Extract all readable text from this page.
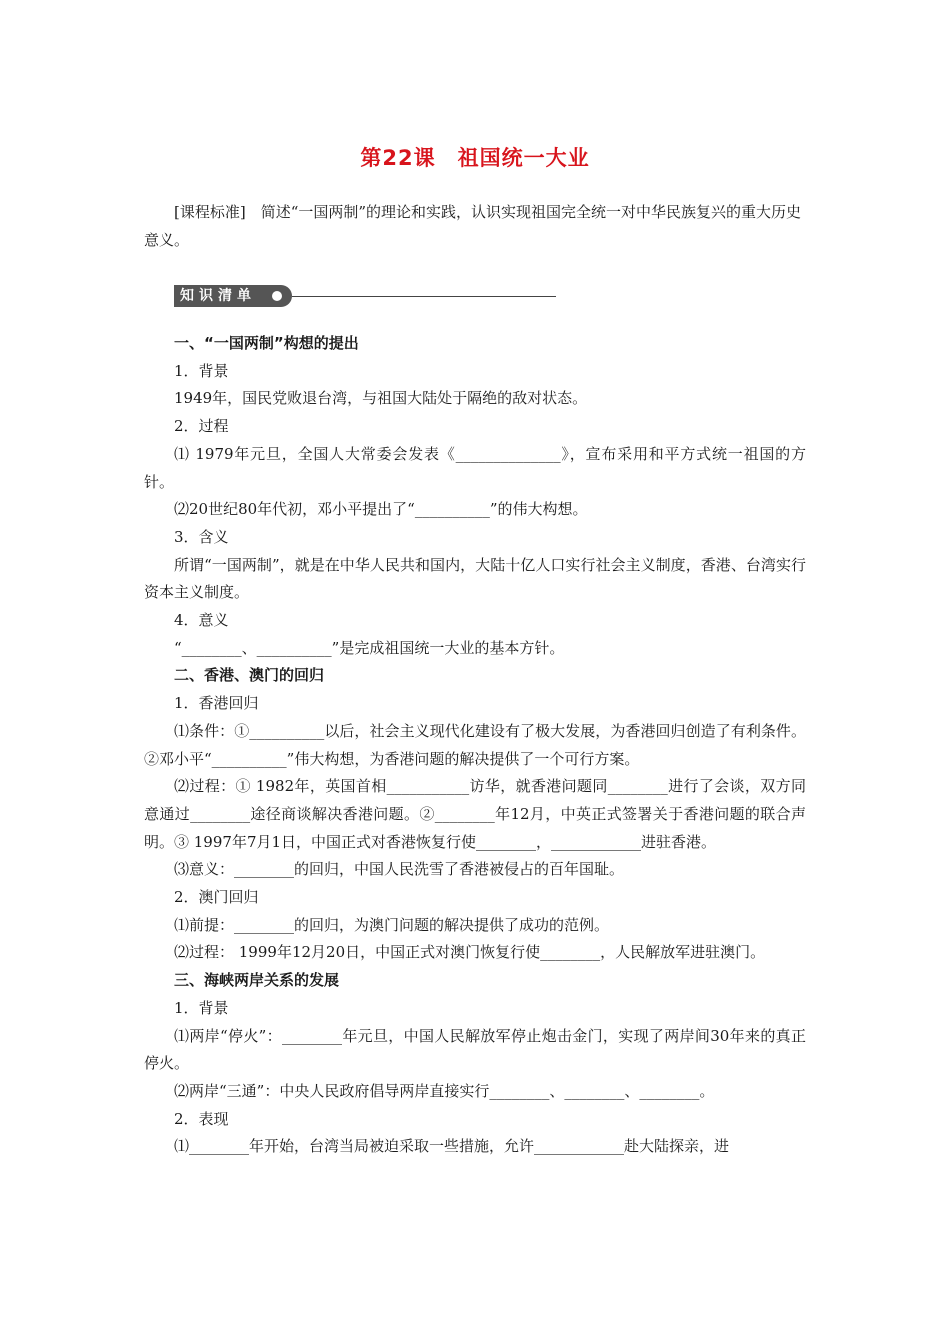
第22课　祖国统一大业

[课程标准]　简述“一国两制”的理论和实践，认识实现祖国完全统一对中华民族复兴的重大历史意义。

知识清单

一、“一国两制”构想的提出

1．背景

1949年，国民党败退台湾，与祖国大陆处于隔绝的敌对状态。

2．过程

⑴ 1979年元旦，全国人大常委会发表《______________》，宣布采用和平方式统一祖国的方针。

⑵20世纪80年代初，邓小平提出了“__________”的伟大构想。

3．含义

所谓“一国两制”，就是在中华人民共和国内，大陆十亿人口实行社会主义制度，香港、台湾实行资本主义制度。

4．意义

“________、__________”是完成祖国统一大业的基本方针。

二、香港、澳门的回归

1．香港回归

⑴条件：①__________以后，社会主义现代化建设有了极大发展，为香港回归创造了有利条件。②邓小平“__________”伟大构想，为香港问题的解决提供了一个可行方案。

⑵过程：① 1982年，英国首相___________访华，就香港问题同________进行了会谈，双方同意通过________途径商谈解决香港问题。②________年12月，中英正式签署关于香港问题的联合声明。③ 1997年7月1日，中国正式对香港恢复行使________，____________进驻香港。

⑶意义：________的回归，中国人民洗雪了香港被侵占的百年国耻。

2．澳门回归

⑴前提：________的回归，为澳门问题的解决提供了成功的范例。

⑵过程： 1999年12月20日，中国正式对澳门恢复行使________，人民解放军进驻澳门。

三、海峡两岸关系的发展

1．背景

⑴两岸“停火”：________年元旦，中国人民解放军停止炮击金门，实现了两岸间30年来的真正停火。

⑵两岸“三通”：中央人民政府倡导两岸直接实行________、________、________。

2．表现

⑴________年开始，台湾当局被迫采取一些措施，允许____________赴大陆探亲，进
